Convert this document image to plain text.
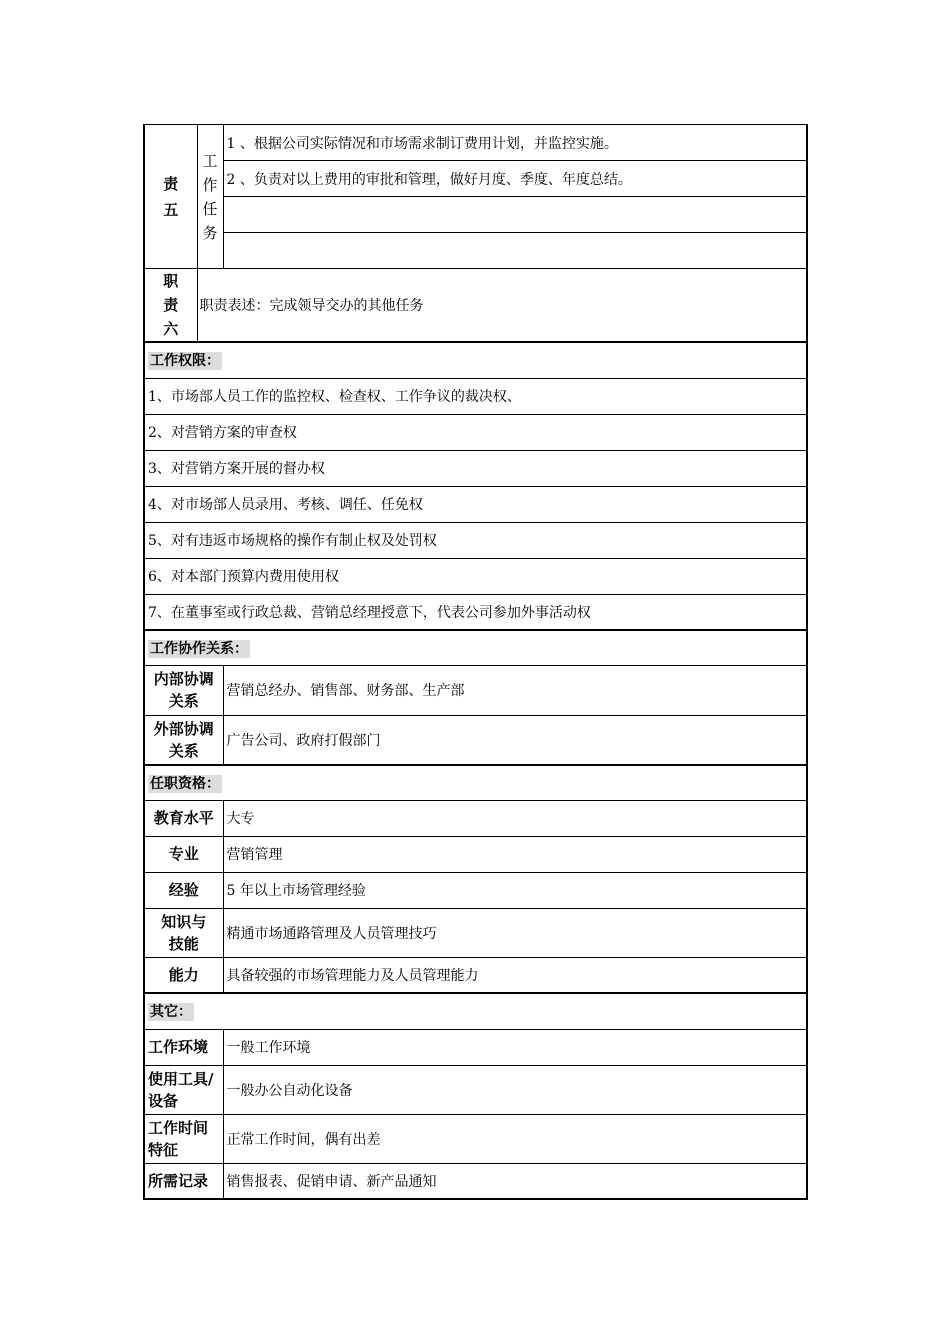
责五	工作任务	1 、根据公司实际情况和市场需求制订费用计划，并监控实施。
		2 、负责对以上费用的审批和管理，做好月度、季度、年度总结。

职责六	职责表述：完成领导交办的其他任务	
工作权限：		
1、市场部人员工作的监控权、检查权、工作争议的裁决权、		
2、对营销方案的审查权		
3、对营销方案开展的督办权		
4、对市场部人员录用、考核、调任、任免权		
5、对有违返市场规格的操作有制止权及处罚权		
6、对本部门预算内费用使用权		
7、在董事室或行政总裁、营销总经理授意下，代表公司参加外事活动权		
工作协作关系：		

内部协调关系		营销总经办、销售部、财务部、生产部

外部协调关系		广告公司、政府打假部门
任职资格：		
教育水平		大专
专业		营销管理
经验		5 年以上市场管理经验

知识与技能		精通市场通路管理及人员管理技巧
能力		具备较强的市场管理能力及人员管理能力
其它：		
工作环境		一般工作环境

使用工具/设备		一般办公自动化设备

工作时间特征		正常工作时间，偶有出差
所需记录		销售报表、促销申请、新产品通知
